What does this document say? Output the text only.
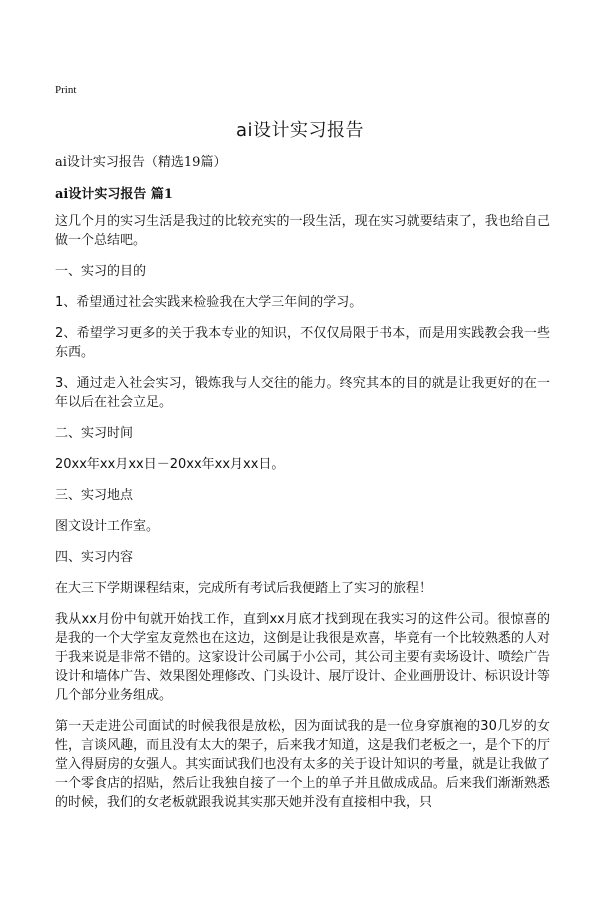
Print
ai设计实习报告
ai设计实习报告（精选19篇）
ai设计实习报告 篇1

这几个月的实习生活是我过的比较充实的一段生活，现在实习就要结束了，我也给自己做一个总结吧。

一、实习的目的

1、希望通过社会实践来检验我在大学三年间的学习。

2、希望学习更多的关于我本专业的知识，不仅仅局限于书本，而是用实践教会我一些东西。

3、通过走入社会实习，锻炼我与人交往的能力。终究其本的目的就是让我更好的在一年以后在社会立足。

二、实习时间

20xx年xx月xx日－20xx年xx月xx日。

三、实习地点

图文设计工作室。

四、实习内容

在大三下学期课程结束，完成所有考试后我便踏上了实习的旅程！

我从xx月份中旬就开始找工作，直到xx月底才找到现在我实习的这件公司。很惊喜的是我的一个大学室友竟然也在这边，这倒是让我很是欢喜，毕竟有一个比较熟悉的人对于我来说是非常不错的。这家设计公司属于小公司，其公司主要有卖场设计、喷绘广告设计和墙体广告、效果图处理修改、门头设计、展厅设计、企业画册设计、标识设计等几个部分业务组成。

第一天走进公司面试的时候我很是放松，因为面试我的是一位身穿旗袍的30几岁的女性，言谈风趣，而且没有太大的架子，后来我才知道，这是我们老板之一，是个下的厅堂入得厨房的女强人。其实面试我们也没有太多的关于设计知识的考量，就是让我做了一个零食店的招贴，然后让我独自接了一个上的单子并且做成成品。后来我们渐渐熟悉的时候，我们的女老板就跟我说其实那天她并没有直接相中我，只
